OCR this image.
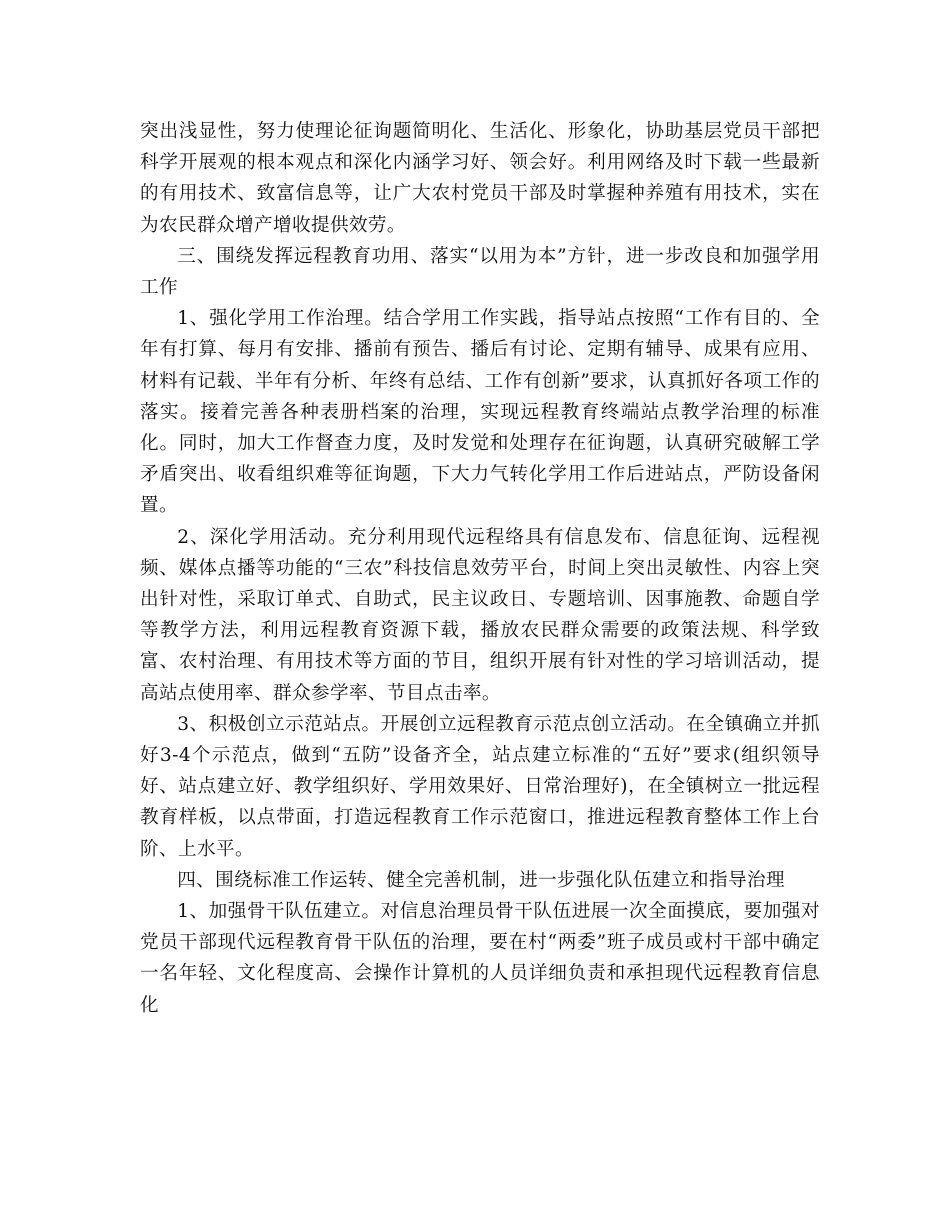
突出浅显性，努力使理论征询题简明化、生活化、形象化，协助基层党员干部把科学开展观的根本观点和深化内涵学习好、领会好。利用网络及时下载一些最新的有用技术、致富信息等，让广大农村党员干部及时掌握种养殖有用技术，实在为农民群众增产增收提供效劳。

三、围绕发挥远程教育功用、落实“以用为本”方针，进一步改良和加强学用工作

1、强化学用工作治理。结合学用工作实践，指导站点按照“工作有目的、全年有打算、每月有安排、播前有预告、播后有讨论、定期有辅导、成果有应用、材料有记载、半年有分析、年终有总结、工作有创新”要求，认真抓好各项工作的落实。接着完善各种表册档案的治理，实现远程教育终端站点教学治理的标准化。同时，加大工作督查力度，及时发觉和处理存在征询题，认真研究破解工学矛盾突出、收看组织难等征询题，下大力气转化学用工作后进站点，严防设备闲置。

2、深化学用活动。充分利用现代远程络具有信息发布、信息征询、远程视频、媒体点播等功能的“三农”科技信息效劳平台，时间上突出灵敏性、内容上突出针对性，采取订单式、自助式，民主议政日、专题培训、因事施教、命题自学等教学方法，利用远程教育资源下载，播放农民群众需要的政策法规、科学致富、农村治理、有用技术等方面的节目，组织开展有针对性的学习培训活动，提高站点使用率、群众参学率、节目点击率。

3、积极创立示范站点。开展创立远程教育示范点创立活动。在全镇确立并抓好3-4个示范点，做到“五防”设备齐全，站点建立标准的“五好”要求(组织领导好、站点建立好、教学组织好、学用效果好、日常治理好)，在全镇树立一批远程教育样板，以点带面，打造远程教育工作示范窗口，推进远程教育整体工作上台阶、上水平。

四、围绕标准工作运转、健全完善机制，进一步强化队伍建立和指导治理

1、加强骨干队伍建立。对信息治理员骨干队伍进展一次全面摸底，要加强对党员干部现代远程教育骨干队伍的治理，要在村“两委”班子成员或村干部中确定一名年轻、文化程度高、会操作计算机的人员详细负责和承担现代远程教育信息化
